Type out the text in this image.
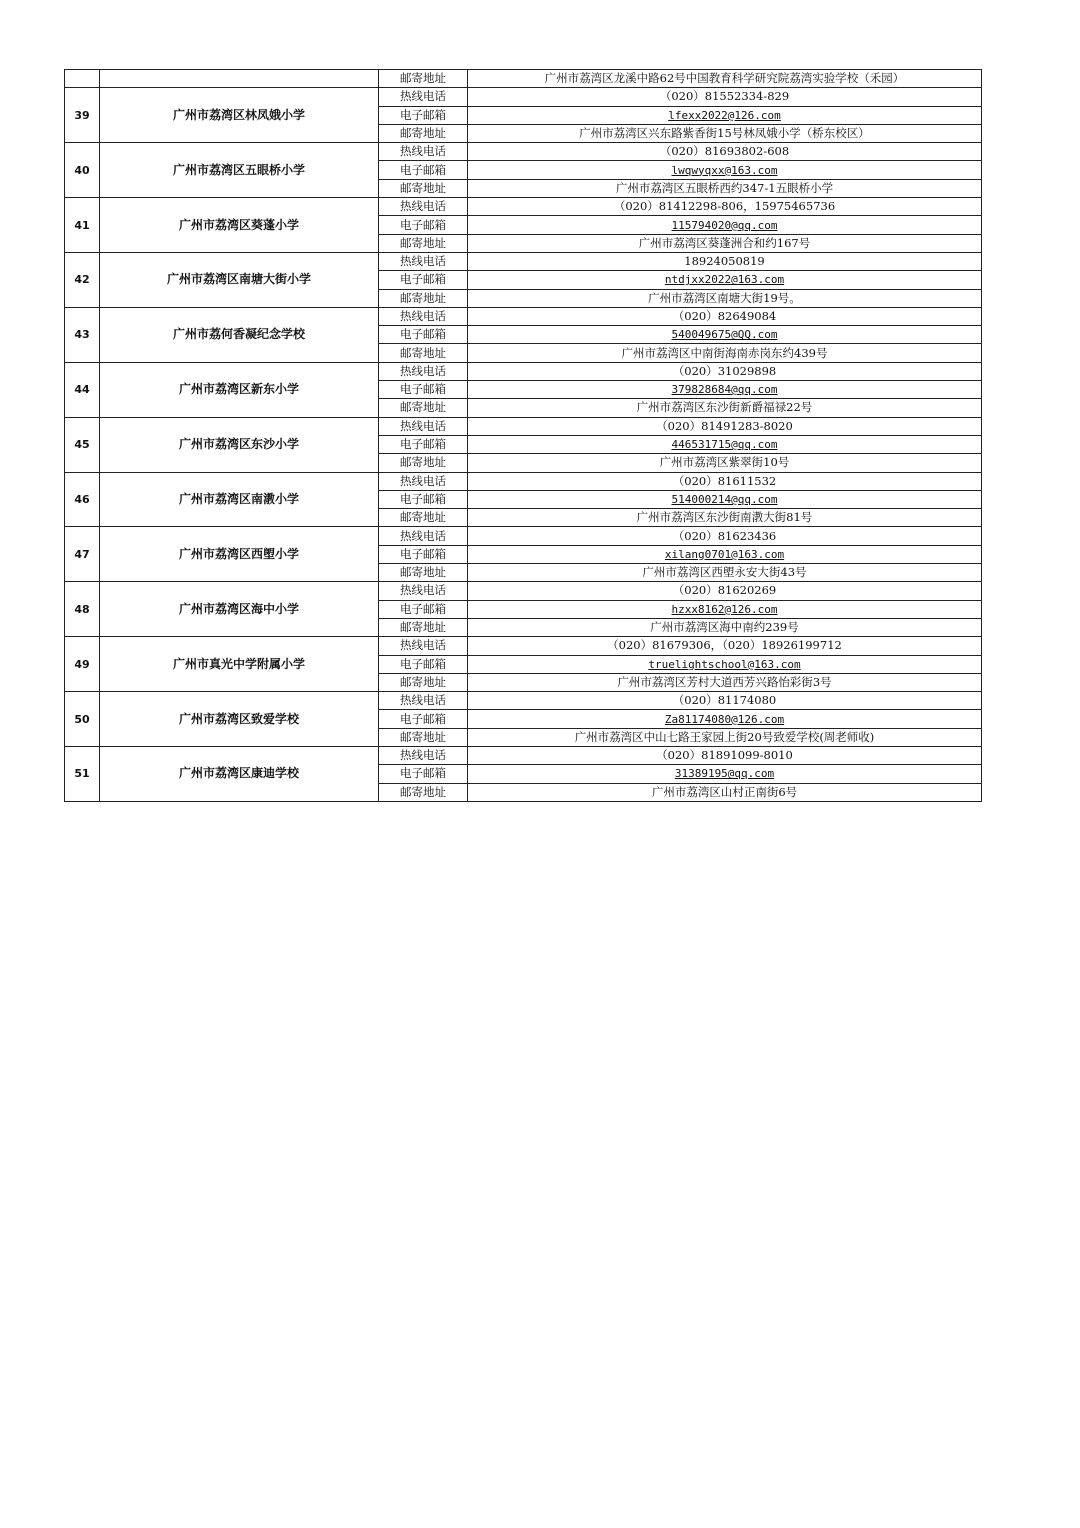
		邮寄地址	广州市荔湾区龙溪中路62号中国教育科学研究院荔湾实验学校（禾园）
39	广州市荔湾区林凤娥小学	热线电话	（020）81552334-829
		电子邮箱	lfexx2022@126.com
		邮寄地址	广州市荔湾区兴东路紫香街15号林凤娥小学（桥东校区）
40	广州市荔湾区五眼桥小学	热线电话	（020）81693802-608
		电子邮箱	lwqwyqxx@163.com
		邮寄地址	广州市荔湾区五眼桥西约347-1五眼桥小学
41	广州市荔湾区葵蓬小学	热线电话	（020）81412298-806，15975465736
		电子邮箱	115794020@qq.com
		邮寄地址	广州市荔湾区葵蓬洲合和约167号
42	广州市荔湾区南塘大街小学	热线电话	18924050819
		电子邮箱	ntdjxx2022@163.com
		邮寄地址	广州市荔湾区南塘大街19号。
43	广州市荔何香凝纪念学校	热线电话	（020）82649084
		电子邮箱	540049675@QQ.com
		邮寄地址	广州市荔湾区中南街海南赤岗东约439号
44	广州市荔湾区新东小学	热线电话	（020）31029898
		电子邮箱	379828684@qq.com
		邮寄地址	广州市荔湾区东沙街新爵福禄22号
45	广州市荔湾区东沙小学	热线电话	（020）81491283-8020
		电子邮箱	446531715@qq.com
		邮寄地址	广州市荔湾区紫翠街10号
46	广州市荔湾区南漖小学	热线电话	（020）81611532
		电子邮箱	514000214@qq.com
		邮寄地址	广州市荔湾区东沙街南漖大街81号
47	广州市荔湾区西塱小学	热线电话	（020）81623436
		电子邮箱	xilang0701@163.com
		邮寄地址	广州市荔湾区西塱永安大街43号
48	广州市荔湾区海中小学	热线电话	（020）81620269
		电子邮箱	hzxx8162@126.com
		邮寄地址	广州市荔湾区海中南约239号
49	广州市真光中学附属小学	热线电话	（020）81679306，（020）18926199712
		电子邮箱	truelightschool@163.com
		邮寄地址	广州市荔湾区芳村大道西芳兴路怡彩街3号
50	广州市荔湾区致爱学校	热线电话	（020）81174080
		电子邮箱	Za81174080@126.com
		邮寄地址	广州市荔湾区中山七路王家园上街20号致爱学校(周老师收)
51	广州市荔湾区康迪学校	热线电话	（020）81891099-8010
		电子邮箱	31389195@qq.com
		邮寄地址	广州市荔湾区山村正南街6号
